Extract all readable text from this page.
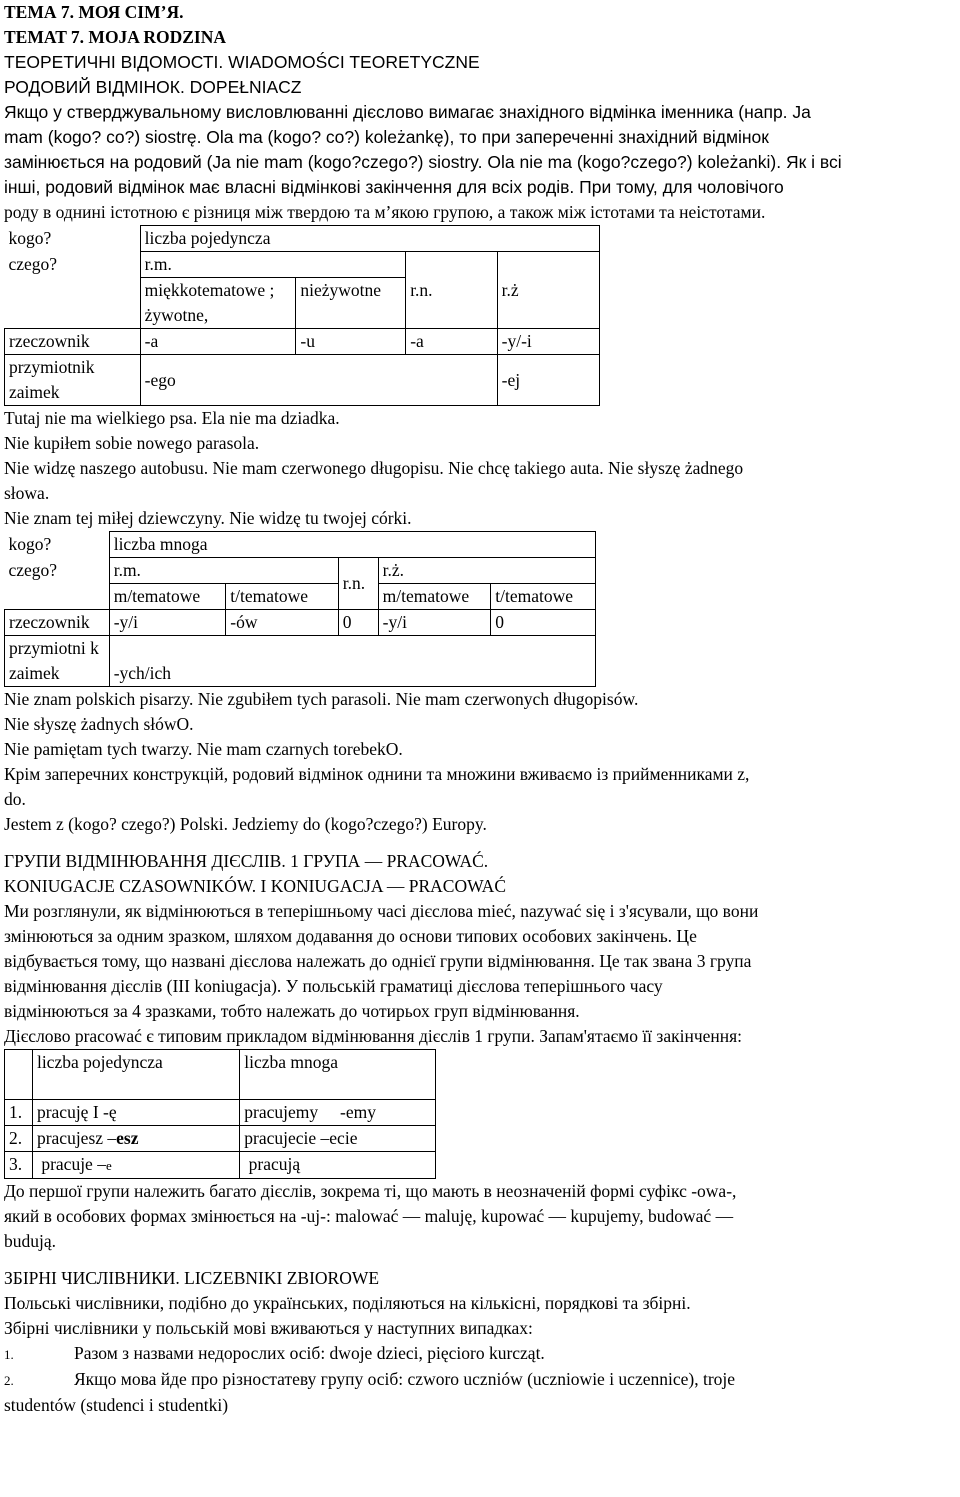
ТЕМА 7. МОЯ СІМ’Я.
TEMAT 7. MOJA RODZINA
ТЕОРЕТИЧНІ ВІДОМОСТІ. WIADOMOŚCI TEORETYCZNE
РОДОВИЙ ВІДМІНОК. DOPEŁNIACZ
Якщо у стверджувальному висловлюванні дієслово вимагає знахідного відмінка іменника (напр. Ja
mam (kogo? co?) siostrę. Ola ma (kogo? co?) koleżankę), то при запереченні знахідний відмінок
замінюється на родовий (Ja nie mam (kogo?czego?) siostry. Ola nie ma (kogo?czego?) koleżanki). Як і всі
інші, родовий відмінок має власні відмінкові закінчення для всіх родів. При тому, для чоловічого
роду в однині істотною є різниця між твердою та м’якою групою, а також між істотами та неістотами.
kogo?	liczba pojedyncza			
czego?	r.m.		r.n.	r.ż
	miękkotematowe ;
żywotne,	nieżywotne		
rzeczownik	-a	-u	-a	-y/-i
przymiotnik zaimek	-ego			-ej
Tutaj nie ma wielkiego psa. Ela nie ma dziadka.
Nie kupiłem sobie nowego parasola.
Nie widzę naszego autobusu. Nie mam czerwonego długopisu. Nie chcę takiego auta. Nie słyszę żadnego
słowa.
Nie znam tej miłej dziewczyny. Nie widzę tu twojej córki.
kogo?	liczba mnoga				
czego?	r.m.		r.n.	r.ż.	
	m/tematowe	t/tematowe		m/tematowe	t/tematowe
rzeczownik	-y/i	-ów	0	-y/i	0
przymiotni k
zaimek	-ych/ich				
Nie znam polskich pisarzy. Nie zgubiłem tych parasoli. Nie mam czerwonych długopisów.
Nie słyszę żadnych słówO.
Nie pamiętam tych twarzy. Nie mam czarnych torebekO.
Крім заперечних конструкцій, родовий відмінок однини та множини вживаємо із прийменниками z,
do.
Jestem z (kogo? czego?) Polski. Jedziemy do (kogo?czego?) Europy.
ГРУПИ ВІДМІНЮВАННЯ ДІЄСЛІВ. 1 ГРУПА — PRACOWAĆ.
KONIUGACJE CZASOWNIKÓW. I KONIUGACJA — PRACOWAĆ
Ми розглянули, як відмінюються в теперішньому часі дієслова mieć, nazywać się і з'ясували, що вони
змінюються за одним зразком, шляхом додавання до основи типових особових закінчень. Це
відбувається тому, що названі дієслова належать до однієї групи відмінювання. Це так звана 3 група
відмінювання дієслів (III koniugacja). У польській граматиці дієслова теперішнього часу
відмінюються за 4 зразками, тобто належать до чотирьох груп відмінювання.
Дієслово pracować є типовим прикладом відмінювання дієслів 1 групи. Запам'ятаємо її закінчення:
	liczba pojedyncza	liczba mnoga
1.	pracuję I -ę	pracujemy     -emy
2.	pracujesz –esz	pracujecie –ecie
3.	pracuje –e	pracują
До першої групи належить багато дієслів, зокрема ті, що мають в неозначеній формі суфікс -owa-,
який в особових формах змінюється на -uj-: malować — maluję, kupować — kupujemy, budować —
budują.
ЗБІРНІ ЧИСЛІВНИКИ. LICZEBNIKI ZBIOROWE
Польські числівники, подібно до українських, поділяються на кількісні, порядкові та збірні.
Збірні числівники у польській мові вживаються у наступних випадках:
1.	Разом з назвами недорослих осіб: dwoje dzieci, pięcioro kurcząt.
2.	Якщо мова йде про різностатеву групу осіб: czworo uczniów (uczniowie i uczennice), troje
studentów (studenci i studentki)
